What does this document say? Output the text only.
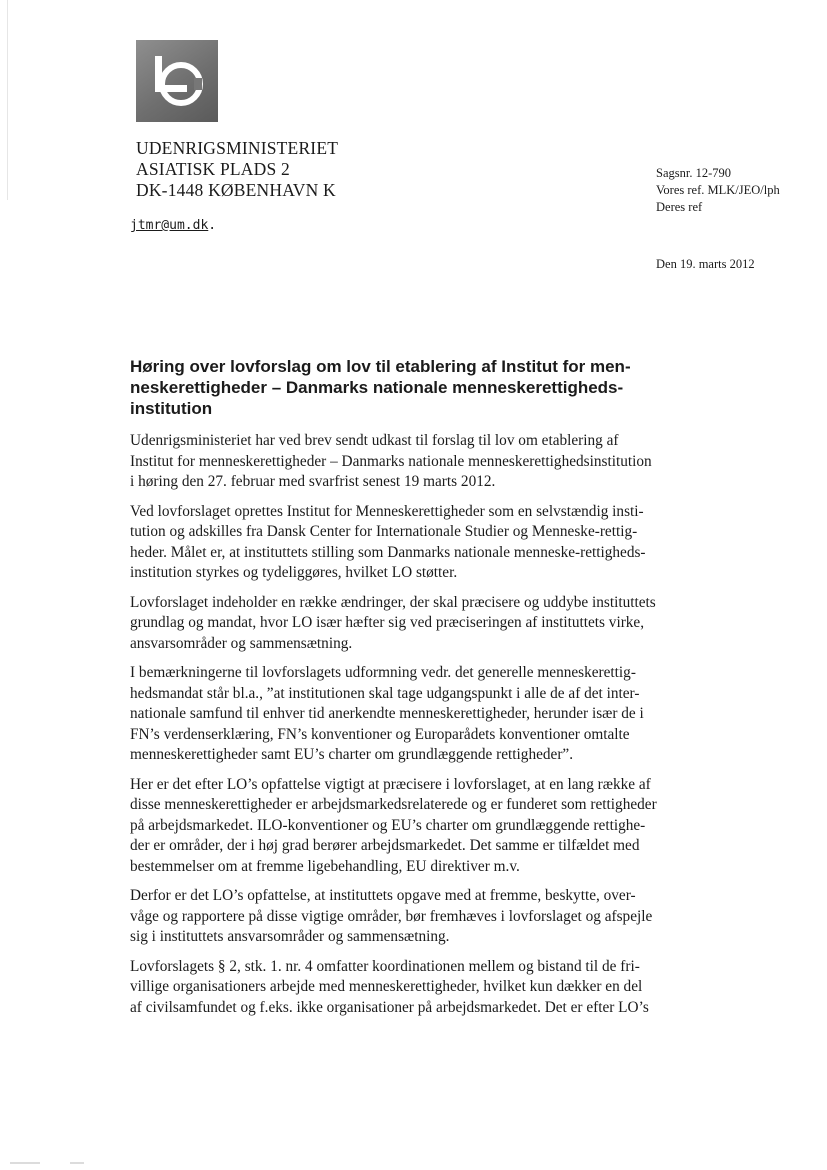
UDENRIGSMINISTERIET
ASIATISK PLADS 2
DK-1448 KØBENHAVN K
jtmr@um.dk.
Sagsnr. 12-790
Vores ref. MLK/JEO/lph
Deres ref
Den 19. marts 2012
Høring over lovforslag om lov til etablering af Institut for men-
neskerettigheder – Danmarks nationale menneskerettigheds-
institution

Udenrigsministeriet har ved brev sendt udkast til forslag til lov om etablering af
Institut for menneskerettigheder – Danmarks nationale menneskerettighedsinstitution
i høring den 27. februar med svarfrist senest 19 marts 2012.

Ved lovforslaget oprettes Institut for Menneskerettigheder som en selvstændig insti-
tution og adskilles fra Dansk Center for Internationale Studier og Menneske-rettig-
heder. Målet er, at instituttets stilling som Danmarks nationale menneske-rettigheds-
institution styrkes og tydeliggøres, hvilket LO støtter.

Lovforslaget indeholder en række ændringer, der skal præcisere og uddybe instituttets
grundlag og mandat, hvor LO især hæfter sig ved præciseringen af instituttets virke,
ansvarsområder og sammensætning.

I bemærkningerne til lovforslagets udformning vedr. det generelle menneskerettig-
hedsmandat står bl.a., ”at institutionen skal tage udgangspunkt i alle de af det inter-
nationale samfund til enhver tid anerkendte menneskerettigheder, herunder især de i
FN’s verdenserklæring, FN’s konventioner og Europarådets konventioner omtalte
menneskerettigheder samt EU’s charter om grundlæggende rettigheder”.

Her er det efter LO’s opfattelse vigtigt at præcisere i lovforslaget, at en lang række af
disse menneskerettigheder er arbejdsmarkedsrelaterede og er funderet som rettigheder
på arbejdsmarkedet. ILO-konventioner og EU’s charter om grundlæggende rettighe-
der er områder, der i høj grad berører arbejdsmarkedet. Det samme er tilfældet med
bestemmelser om at fremme ligebehandling, EU direktiver m.v.

Derfor er det LO’s opfattelse, at instituttets opgave med at fremme, beskytte, over-
våge og rapportere på disse vigtige områder, bør fremhæves i lovforslaget og afspejle
sig i instituttets ansvarsområder og sammensætning.

Lovforslagets § 2, stk. 1. nr. 4 omfatter koordinationen mellem og bistand til de fri-
villige organisationers arbejde med menneskerettigheder, hvilket kun dækker en del
af civilsamfundet og f.eks. ikke organisationer på arbejdsmarkedet. Det er efter LO’s
